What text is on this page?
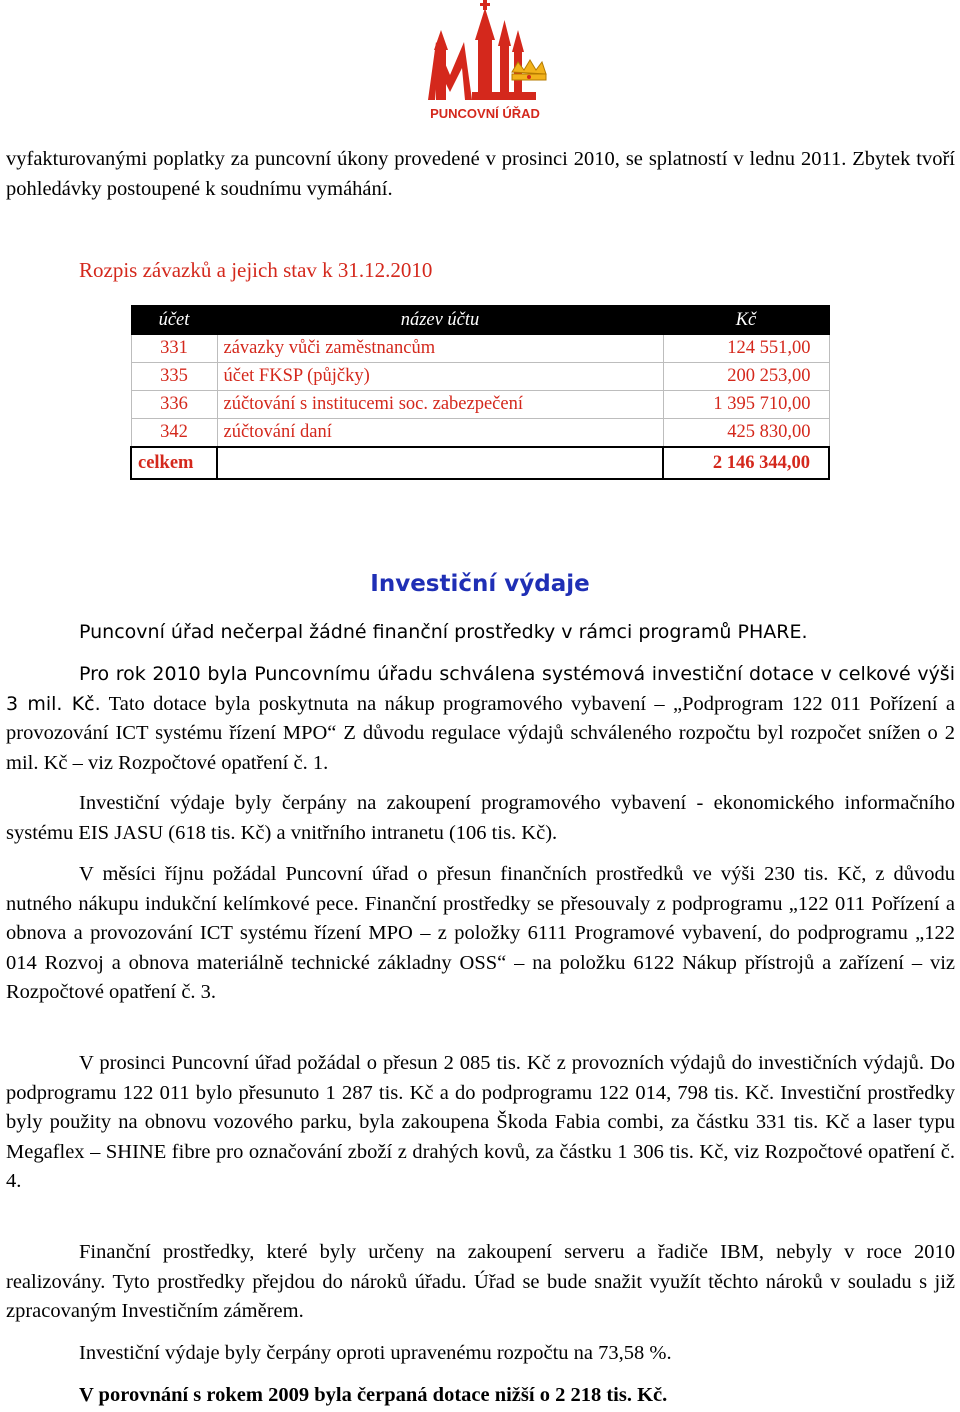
PUNCOVNÍ ÚŘAD

vyfakturovanými poplatky za puncovní úkony provedené v prosinci 2010, se splatností v lednu 2011. Zbytek tvoří pohledávky postoupené k soudnímu vymáhání.

Rozpis závazků a jejich stav k 31.12.2010
účet	název účtu	Kč
331	závazky vůči zaměstnancům	124 551,00
335	účet FKSP (půjčky)	200 253,00
336	zúčtování s institucemi soc. zabezpečení	1 395 710,00
342	zúčtování daní	425 830,00
celkem		2 146 344,00
Investiční výdaje

Puncovní úřad nečerpal žádné finanční prostředky v rámci programů PHARE.

Pro rok 2010 byla Puncovnímu úřadu schválena systémová investiční dotace v celkové výši 3 mil. Kč. Tato dotace byla poskytnuta na nákup programového vybavení – „Podprogram 122 011 Pořízení a provozování ICT systému řízení MPO“ Z důvodu regulace výdajů schváleného rozpočtu byl rozpočet snížen o 2 mil. Kč – viz Rozpočtové opatření č. 1.

Investiční výdaje byly čerpány na zakoupení programového vybavení - ekonomického informačního systému EIS JASU (618 tis. Kč) a vnitřního intranetu (106 tis. Kč).

V měsíci říjnu požádal Puncovní úřad o přesun finančních prostředků ve výši 230 tis. Kč, z důvodu nutného nákupu indukční kelímkové pece. Finanční prostředky se přesouvaly z podprogramu „122 011 Pořízení a obnova a provozování ICT systému řízení MPO – z položky 6111 Programové vybavení, do podprogramu „122 014 Rozvoj a obnova materiálně technické základny OSS“ – na položku 6122 Nákup přístrojů a zařízení – viz Rozpočtové opatření č. 3.

V prosinci Puncovní úřad požádal o přesun 2 085 tis. Kč z provozních výdajů do investičních výdajů. Do podprogramu 122 011 bylo přesunuto 1 287 tis. Kč a do podprogramu 122 014, 798 tis. Kč. Investiční prostředky byly použity na obnovu vozového parku, byla zakoupena Škoda Fabia combi, za částku 331 tis. Kč a laser typu Megaflex – SHINE fibre pro označování zboží z drahých kovů, za částku 1 306 tis. Kč, viz Rozpočtové opatření č. 4.

Finanční prostředky, které byly určeny na zakoupení serveru a řadiče IBM, nebyly v roce 2010 realizovány. Tyto prostředky přejdou do nároků úřadu. Úřad se bude snažit využít těchto nároků v souladu s již zpracovaným Investičním záměrem.

Investiční výdaje byly čerpány oproti upravenému rozpočtu na 73,58 %.

V porovnání s rokem 2009 byla čerpaná dotace nižší o 2 218 tis. Kč.
